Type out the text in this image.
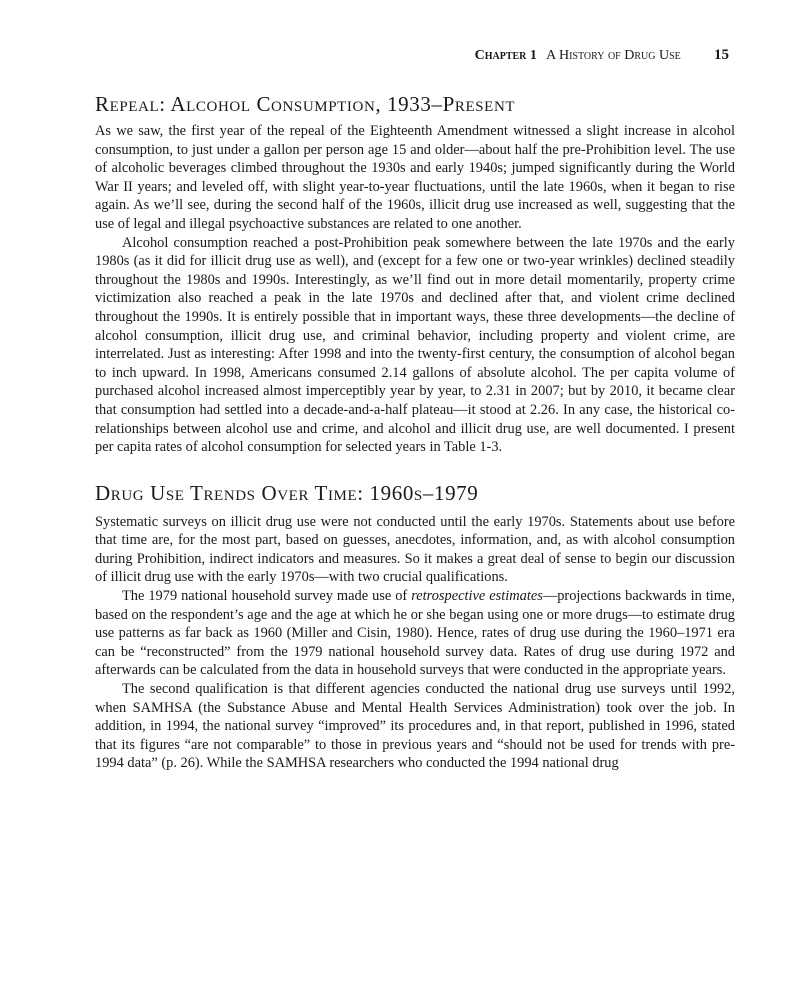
Chapter 1 A History of Drug Use 15
Repeal: Alcohol Consumption, 1933–Present

As we saw, the first year of the repeal of the Eighteenth Amendment witnessed a slight increase in alcohol consumption, to just under a gallon per person age 15 and older—about half the pre-Prohibition level. The use of alcoholic beverages climbed throughout the 1930s and early 1940s; jumped significantly during the World War II years; and leveled off, with slight year-to-year fluctuations, until the late 1960s, when it began to rise again. As we’ll see, during the second half of the 1960s, illicit drug use increased as well, suggesting that the use of legal and illegal psychoactive substances are related to one another.

Alcohol consumption reached a post-Prohibition peak somewhere between the late 1970s and the early 1980s (as it did for illicit drug use as well), and (except for a few one or two-year wrinkles) declined steadily throughout the 1980s and 1990s. Interestingly, as we’ll find out in more detail momentarily, property crime victimization also reached a peak in the late 1970s and declined after that, and violent crime declined throughout the 1990s. It is entirely possible that in important ways, these three developments—the decline of alcohol consumption, illicit drug use, and criminal behavior, including property and violent crime, are interrelated. Just as interesting: After 1998 and into the twenty-first century, the consumption of alcohol began to inch upward. In 1998, Americans consumed 2.14 gallons of absolute alcohol. The per capita volume of purchased alcohol increased almost imperceptibly year by year, to 2.31 in 2007; but by 2010, it became clear that consumption had settled into a decade-and-a-half plateau—it stood at 2.26. In any case, the historical co-relationships between alcohol use and crime, and alcohol and illicit drug use, are well documented. I present per capita rates of alcohol consumption for selected years in Table 1-3.

Drug Use Trends Over Time: 1960s–1979

Systematic surveys on illicit drug use were not conducted until the early 1970s. Statements about use before that time are, for the most part, based on guesses, anecdotes, information, and, as with alcohol consumption during Prohibition, indirect indicators and measures. So it makes a great deal of sense to begin our discussion of illicit drug use with the early 1970s—with two crucial qualifications.

The 1979 national household survey made use of retrospective estimates—projections backwards in time, based on the respondent’s age and the age at which he or she began using one or more drugs—to estimate drug use patterns as far back as 1960 (Miller and Cisin, 1980). Hence, rates of drug use during the 1960–1971 era can be “reconstructed” from the 1979 national household survey data. Rates of drug use during 1972 and afterwards can be calculated from the data in household surveys that were conducted in the appropriate years.

The second qualification is that different agencies conducted the national drug use surveys until 1992, when SAMHSA (the Substance Abuse and Mental Health Services Administration) took over the job. In addition, in 1994, the national survey “improved” its procedures and, in that report, published in 1996, stated that its figures “are not comparable” to those in previous years and “should not be used for trends with pre-1994 data” (p. 26). While the SAMHSA researchers who conducted the 1994 national drug
